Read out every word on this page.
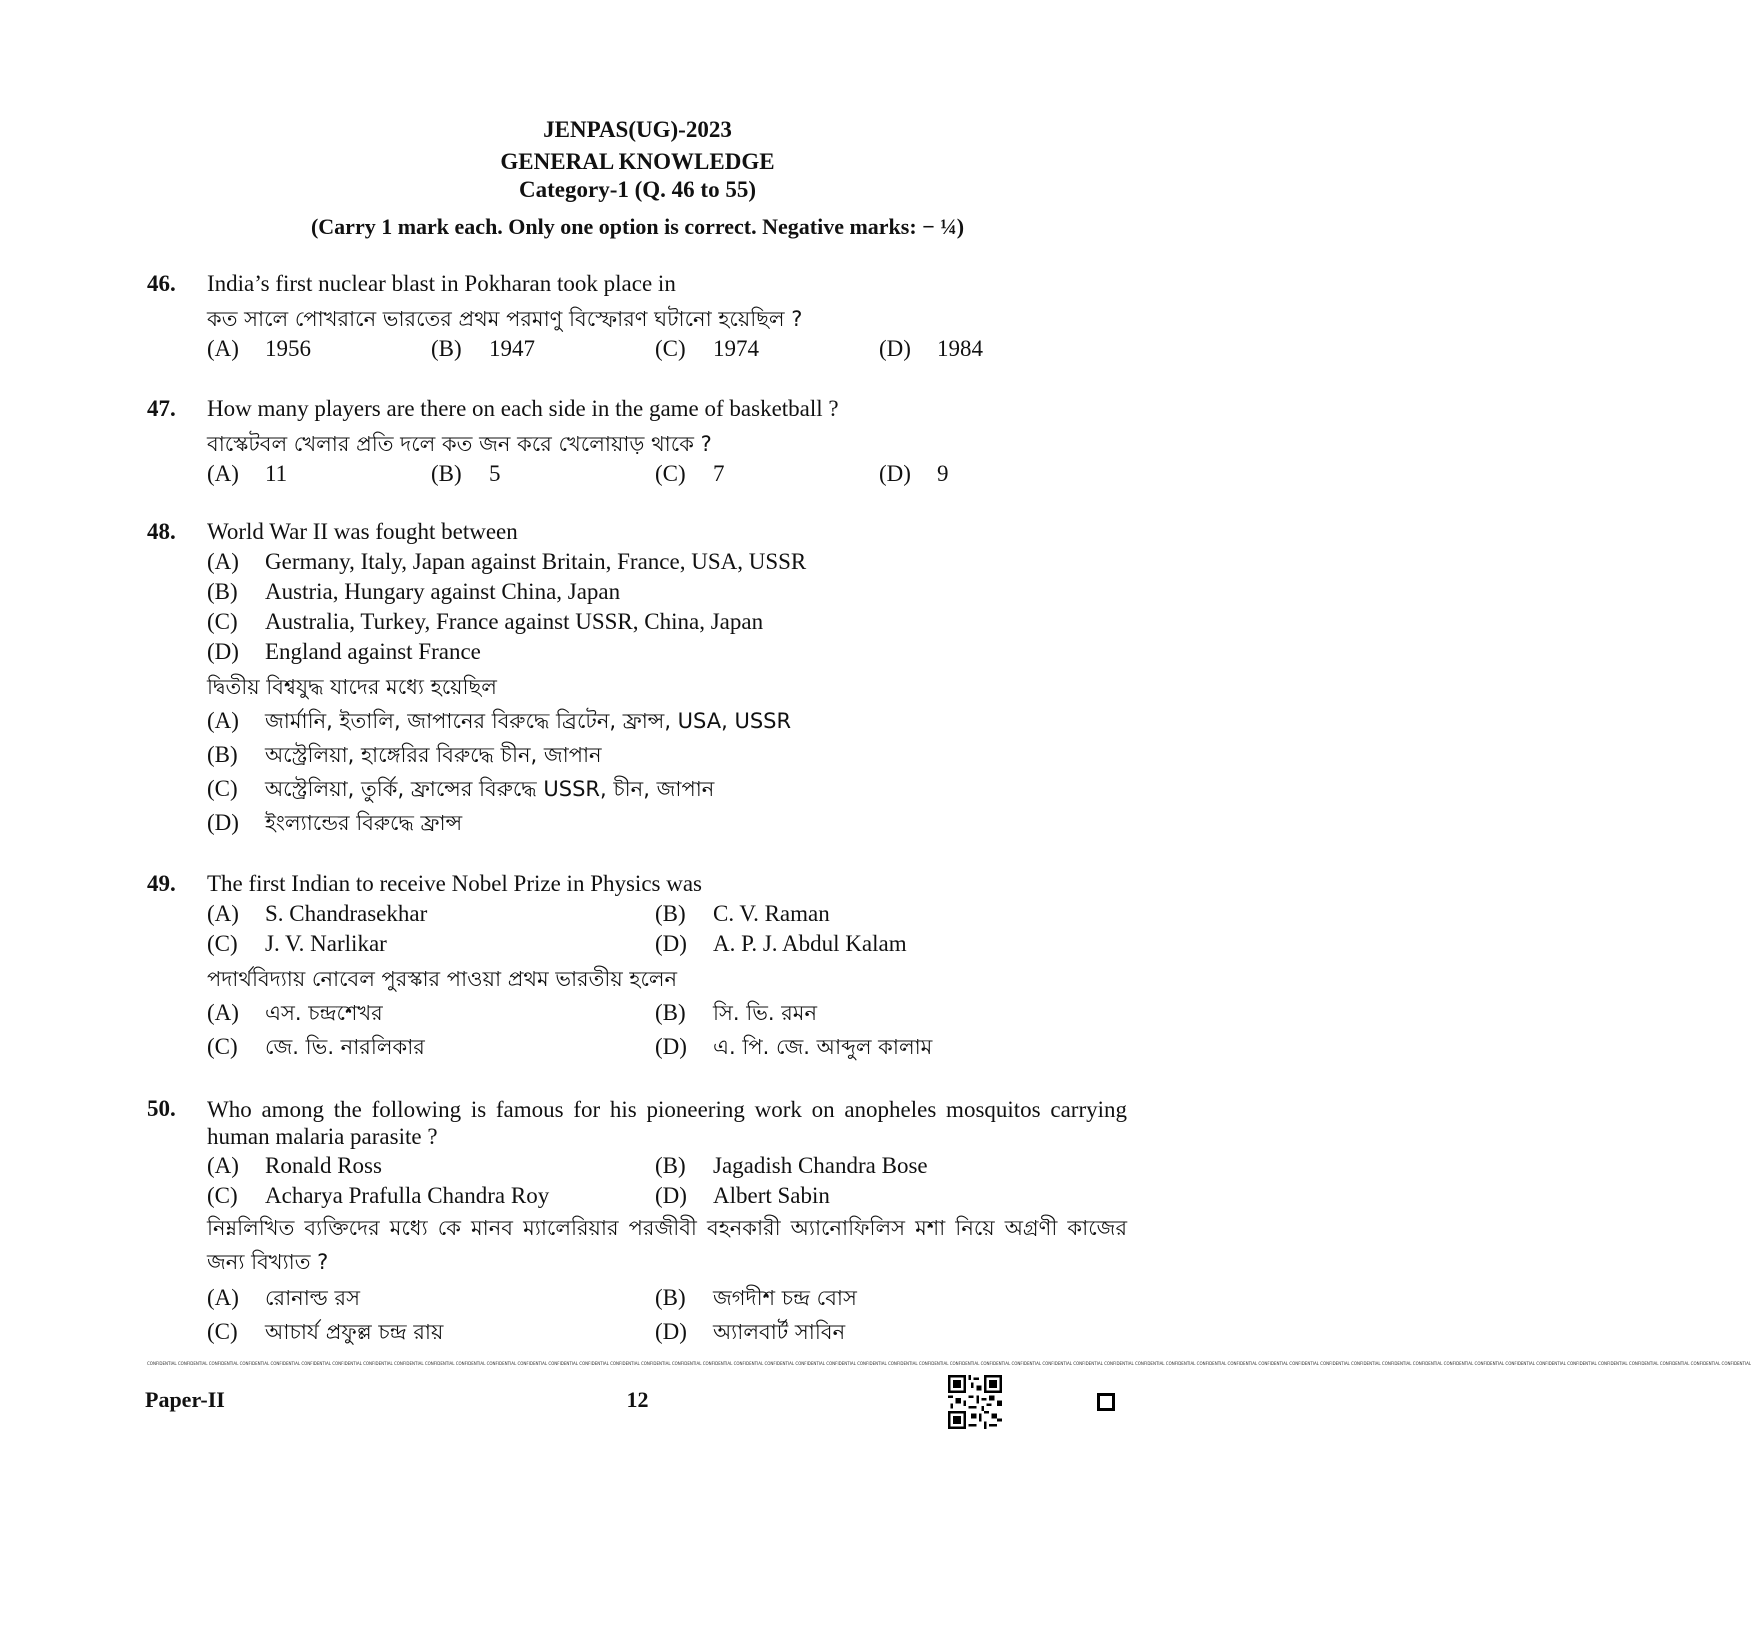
JENPAS(UG)-2023
GENERAL KNOWLEDGE
Category-1 (Q. 46 to 55)
(Carry 1 mark each. Only one option is correct. Negative marks: − ¼)
46. India’s first nuclear blast in Pokharan took place in
কত সালে পোখরানে ভারতের প্রথম পরমাণু বিস্ফোরণ ঘটানো হয়েছিল ?
(A) 1956	(B) 1947	(C) 1974	(D) 1984
47. How many players are there on each side in the game of basketball ?
বাস্কেটবল খেলার প্রতি দলে কত জন করে খেলোয়াড় থাকে ?
(A) 11	(B) 5	(C) 7	(D) 9
48. World War II was fought between
(A) Germany, Italy, Japan against Britain, France, USA, USSR
(B) Austria, Hungary against China, Japan
(C) Australia, Turkey, France against USSR, China, Japan
(D) England against France
দ্বিতীয় বিশ্বযুদ্ধ যাদের মধ্যে হয়েছিল
(A) জার্মানি, ইতালি, জাপানের বিরুদ্ধে ব্রিটেন, ফ্রান্স, USA, USSR
(B) অস্ট্রেলিয়া, হাঙ্গেরির বিরুদ্ধে চীন, জাপান
(C) অস্ট্রেলিয়া, তুর্কি, ফ্রান্সের বিরুদ্ধে USSR, চীন, জাপান
(D) ইংল্যান্ডের বিরুদ্ধে ফ্রান্স
49. The first Indian to receive Nobel Prize in Physics was
(A) S. Chandrasekhar	(B) C. V. Raman
(C) J. V. Narlikar	(D) A. P. J. Abdul Kalam
পদার্থবিদ্যায় নোবেল পুরস্কার পাওয়া প্রথম ভারতীয় হলেন
(A) এস. চন্দ্রশেখর	(B) সি. ভি. রমন
(C) জে. ভি. নারলিকার	(D) এ. পি. জে. আব্দুল কালাম
50. Who among the following is famous for his pioneering work on anopheles mosquitos carrying human malaria parasite ?
(A) Ronald Ross	(B) Jagadish Chandra Bose
(C) Acharya Prafulla Chandra Roy	(D) Albert Sabin
নিম্নলিখিত ব্যক্তিদের মধ্যে কে মানব ম্যালেরিয়ার পরজীবী বহনকারী অ্যানোফিলিস মশা নিয়ে অগ্রণী কাজের জন্য বিখ্যাত ?
(A) রোনাল্ড রস	(B) জগদীশ চন্দ্র বোস
(C) আচার্য প্রফুল্ল চন্দ্র রায়	(D) অ্যালবার্ট সাবিন
CONFIDENTIAL CONFIDENTIAL CONFIDENTIAL CONFIDENTIAL CONFIDENTIAL CONFIDENTIAL CONFIDENTIAL CONFIDENTIAL CONFIDENTIAL CONFIDENTIAL CONFIDENTIAL CONFIDENTIAL CONFIDENTIAL CONFIDENTIAL CONFIDENTIAL CONFIDENTIAL CONFIDENTIAL CONFIDENTIAL CONFIDENTIAL CONFIDENTIAL CONFIDENTIAL CONFIDENTIAL CONFIDENTIAL CONFIDENTIAL CONFIDENTIAL CONFIDENTIAL CONFIDENTIAL CONFIDENTIAL CONFIDENTIAL CONFIDENTIAL CONFIDENTIAL CONFIDENTIAL CONFIDENTIAL CONFIDENTIAL CONFIDENTIAL CONFIDENTIAL CONFIDENTIAL CONFIDENTIAL CONFIDENTIAL CONFIDENTIAL CONFIDENTIAL CONFIDENTIAL CONFIDENTIAL CONFIDENTIAL CONFIDENTIAL CONFIDENTIAL CONFIDENTIAL CONFIDENTIAL CONFIDENTIAL CONFIDENTIAL CONFIDENTIAL CONFIDENTIAL
12
Paper-II
